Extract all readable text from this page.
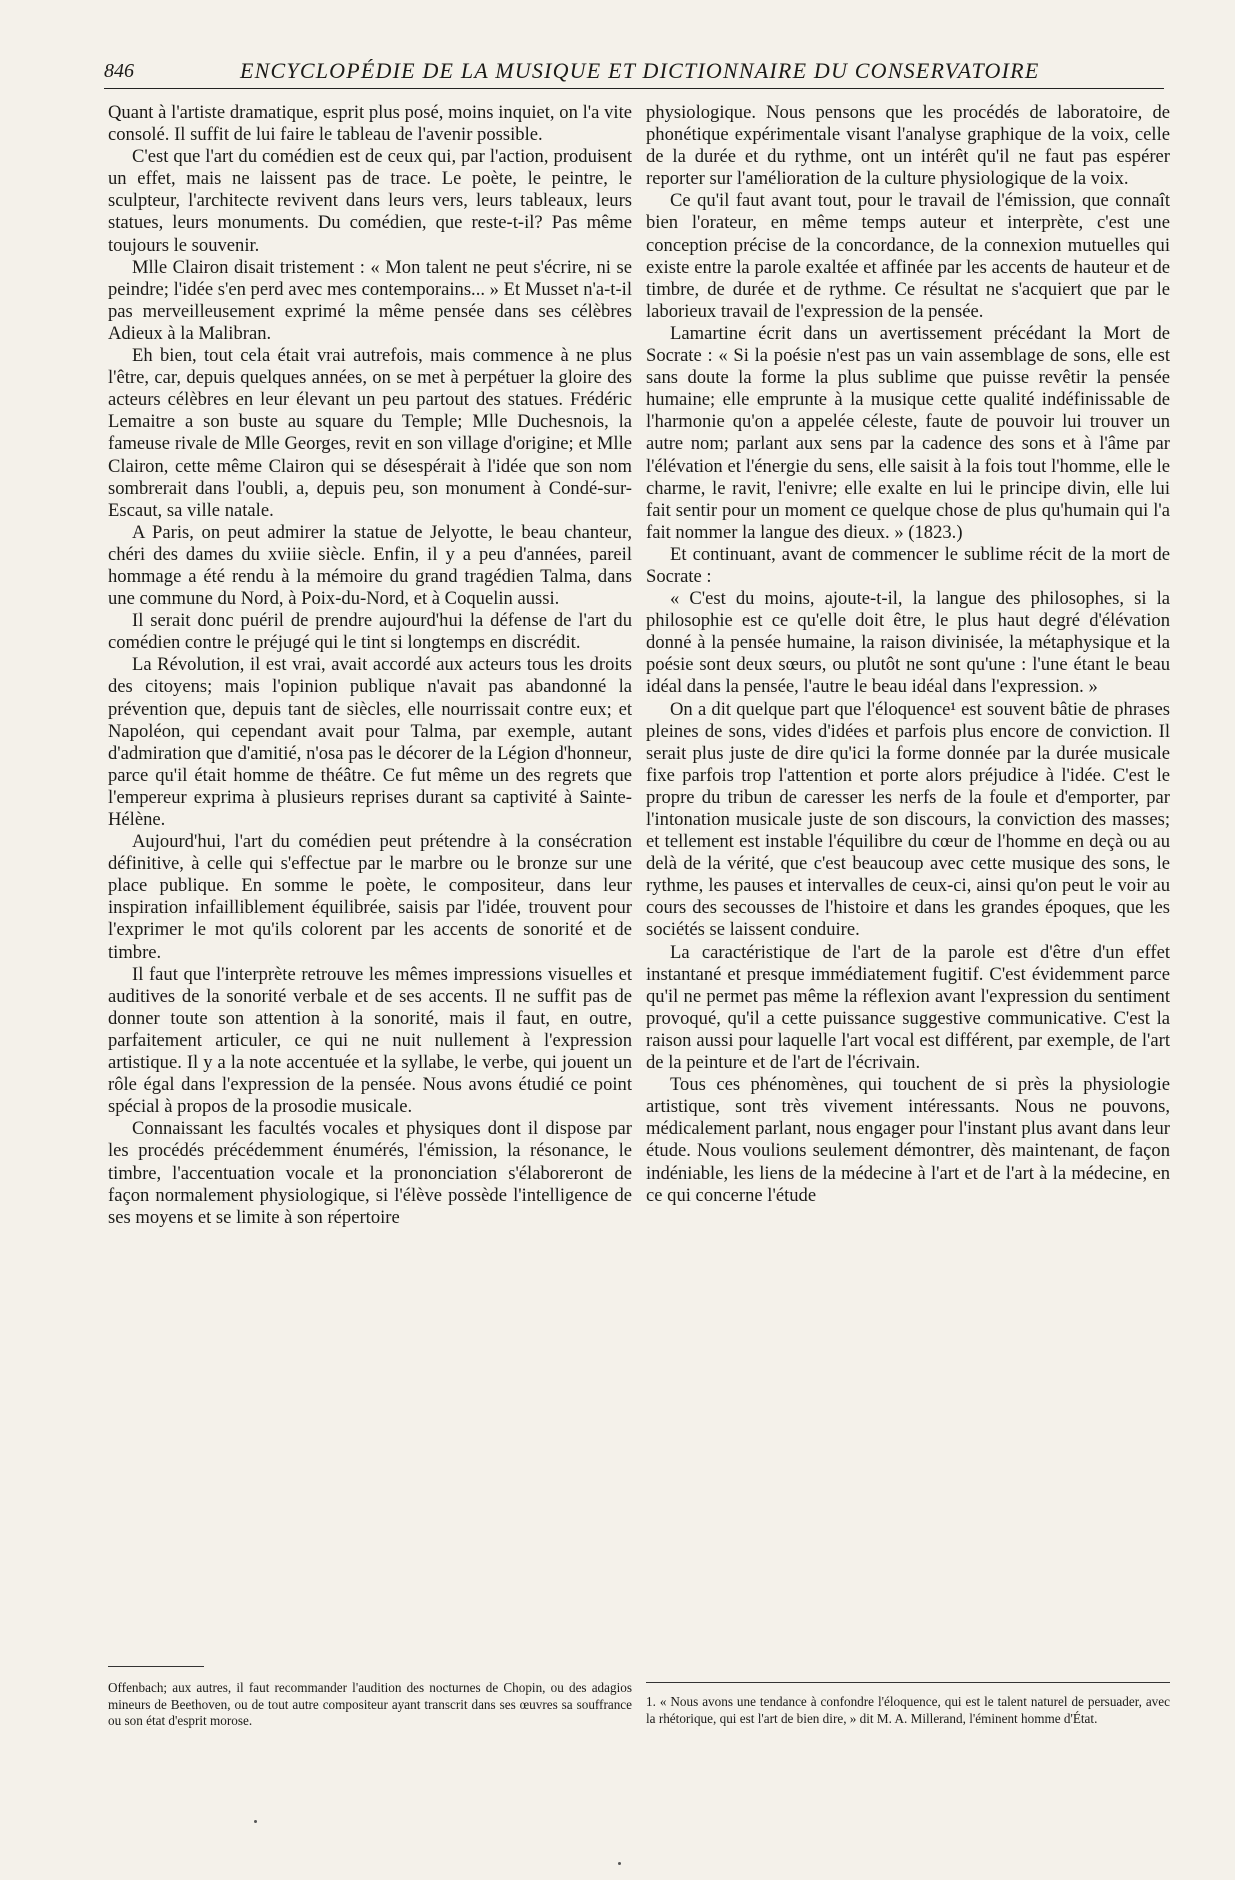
846	ENCYCLOPÉDIE DE LA MUSIQUE ET DICTIONNAIRE DU CONSERVATOIRE

Quant à l'artiste dramatique, esprit plus posé, moins inquiet, on l'a vite consolé. Il suffit de lui faire le tableau de l'avenir possible.

C'est que l'art du comédien est de ceux qui, par l'action, produisent un effet, mais ne laissent pas de trace. Le poète, le peintre, le sculpteur, l'architecte revivent dans leurs vers, leurs tableaux, leurs statues, leurs monuments. Du comédien, que reste-t-il? Pas même toujours le souvenir.

Mlle Clairon disait tristement : « Mon talent ne peut s'écrire, ni se peindre; l'idée s'en perd avec mes contemporains... » Et Musset n'a-t-il pas merveilleusement exprimé la même pensée dans ses célèbres Adieux à la Malibran.

Eh bien, tout cela était vrai autrefois, mais commence à ne plus l'être, car, depuis quelques années, on se met à perpétuer la gloire des acteurs célèbres en leur élevant un peu partout des statues. Frédéric Lemaitre a son buste au square du Temple; Mlle Duchesnois, la fameuse rivale de Mlle Georges, revit en son village d'origine; et Mlle Clairon, cette même Clairon qui se désespérait à l'idée que son nom sombrerait dans l'oubli, a, depuis peu, son monument à Condé-sur-Escaut, sa ville natale.

A Paris, on peut admirer la statue de Jelyotte, le beau chanteur, chéri des dames du xviiie siècle. Enfin, il y a peu d'années, pareil hommage a été rendu à la mémoire du grand tragédien Talma, dans une commune du Nord, à Poix-du-Nord, et à Coquelin aussi.

Il serait donc puéril de prendre aujourd'hui la défense de l'art du comédien contre le préjugé qui le tint si longtemps en discrédit.

La Révolution, il est vrai, avait accordé aux acteurs tous les droits des citoyens; mais l'opinion publique n'avait pas abandonné la prévention que, depuis tant de siècles, elle nourrissait contre eux; et Napoléon, qui cependant avait pour Talma, par exemple, autant d'admiration que d'amitié, n'osa pas le décorer de la Légion d'honneur, parce qu'il était homme de théâtre. Ce fut même un des regrets que l'empereur exprima à plusieurs reprises durant sa captivité à Sainte-Hélène.

Aujourd'hui, l'art du comédien peut prétendre à la consécration définitive, à celle qui s'effectue par le marbre ou le bronze sur une place publique. En somme le poète, le compositeur, dans leur inspiration infailliblement équilibrée, saisis par l'idée, trouvent pour l'exprimer le mot qu'ils colorent par les accents de sonorité et de timbre.

Il faut que l'interprète retrouve les mêmes impressions visuelles et auditives de la sonorité verbale et de ses accents. Il ne suffit pas de donner toute son attention à la sonorité, mais il faut, en outre, parfaitement articuler, ce qui ne nuit nullement à l'expression artistique. Il y a la note accentuée et la syllabe, le verbe, qui jouent un rôle égal dans l'expression de la pensée. Nous avons étudié ce point spécial à propos de la prosodie musicale.

Connaissant les facultés vocales et physiques dont il dispose par les procédés précédemment énumérés, l'émission, la résonance, le timbre, l'accentuation vocale et la prononciation s'élaboreront de façon normalement physiologique, si l'élève possède l'intelligence de ses moyens et se limite à son répertoire

Offenbach; aux autres, il faut recommander l'audition des nocturnes de Chopin, ou des adagios mineurs de Beethoven, ou de tout autre compositeur ayant transcrit dans ses œuvres sa souffrance ou son état d'esprit morose.

physiologique. Nous pensons que les procédés de laboratoire, de phonétique expérimentale visant l'analyse graphique de la voix, celle de la durée et du rythme, ont un intérêt qu'il ne faut pas espérer reporter sur l'amélioration de la culture physiologique de la voix.

Ce qu'il faut avant tout, pour le travail de l'émission, que connaît bien l'orateur, en même temps auteur et interprète, c'est une conception précise de la concordance, de la connexion mutuelles qui existe entre la parole exaltée et affinée par les accents de hauteur et de timbre, de durée et de rythme. Ce résultat ne s'acquiert que par le laborieux travail de l'expression de la pensée.

Lamartine écrit dans un avertissement précédant la Mort de Socrate : « Si la poésie n'est pas un vain assemblage de sons, elle est sans doute la forme la plus sublime que puisse revêtir la pensée humaine; elle emprunte à la musique cette qualité indéfinissable de l'harmonie qu'on a appelée céleste, faute de pouvoir lui trouver un autre nom; parlant aux sens par la cadence des sons et à l'âme par l'élévation et l'énergie du sens, elle saisit à la fois tout l'homme, elle le charme, le ravit, l'enivre; elle exalte en lui le principe divin, elle lui fait sentir pour un moment ce quelque chose de plus qu'humain qui l'a fait nommer la langue des dieux. » (1823.)

Et continuant, avant de commencer le sublime récit de la mort de Socrate :

« C'est du moins, ajoute-t-il, la langue des philosophes, si la philosophie est ce qu'elle doit être, le plus haut degré d'élévation donné à la pensée humaine, la raison divinisée, la métaphysique et la poésie sont deux sœurs, ou plutôt ne sont qu'une : l'une étant le beau idéal dans la pensée, l'autre le beau idéal dans l'expression. »

On a dit quelque part que l'éloquence¹ est souvent bâtie de phrases pleines de sons, vides d'idées et parfois plus encore de conviction. Il serait plus juste de dire qu'ici la forme donnée par la durée musicale fixe parfois trop l'attention et porte alors préjudice à l'idée. C'est le propre du tribun de caresser les nerfs de la foule et d'emporter, par l'intonation musicale juste de son discours, la conviction des masses; et tellement est instable l'équilibre du cœur de l'homme en deçà ou au delà de la vérité, que c'est beaucoup avec cette musique des sons, le rythme, les pauses et intervalles de ceux-ci, ainsi qu'on peut le voir au cours des secousses de l'histoire et dans les grandes époques, que les sociétés se laissent conduire.

La caractéristique de l'art de la parole est d'être d'un effet instantané et presque immédiatement fugitif. C'est évidemment parce qu'il ne permet pas même la réflexion avant l'expression du sentiment provoqué, qu'il a cette puissance suggestive communicative. C'est la raison aussi pour laquelle l'art vocal est différent, par exemple, de l'art de la peinture et de l'art de l'écrivain.

Tous ces phénomènes, qui touchent de si près la physiologie artistique, sont très vivement intéressants. Nous ne pouvons, médicalement parlant, nous engager pour l'instant plus avant dans leur étude. Nous voulions seulement démontrer, dès maintenant, de façon indéniable, les liens de la médecine à l'art et de l'art à la médecine, en ce qui concerne l'étude

1. « Nous avons une tendance à confondre l'éloquence, qui est le talent naturel de persuader, avec la rhétorique, qui est l'art de bien dire, » dit M. A. Millerand, l'éminent homme d'État.
